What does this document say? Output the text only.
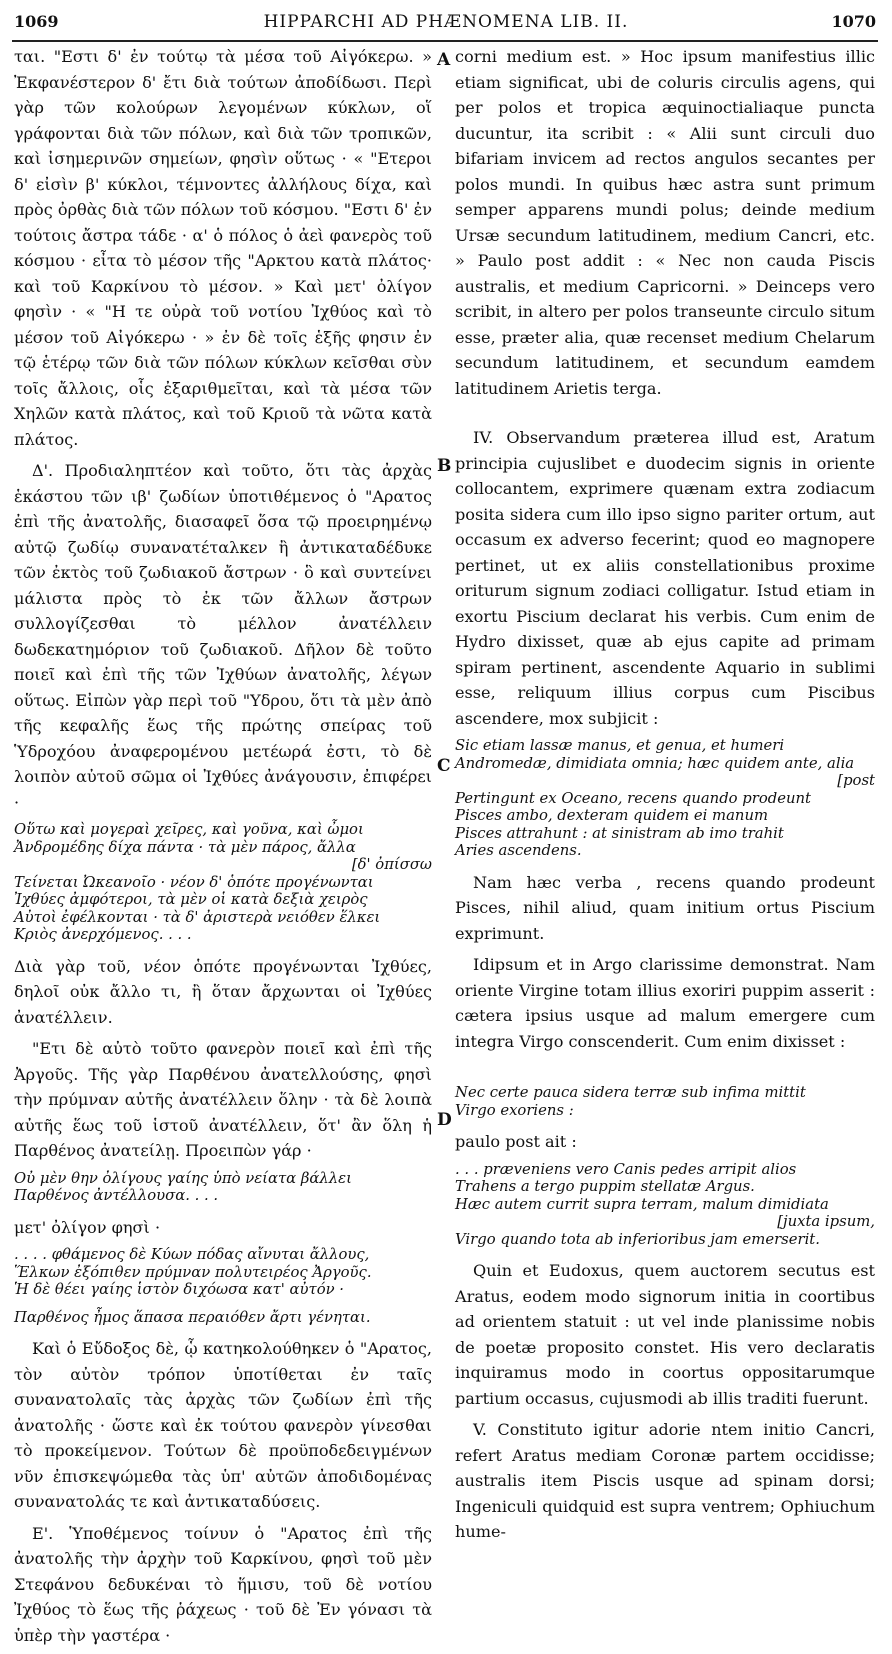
1069	HIPPARCHI AD PHÆNOMENA LIB. II.	1070
A
B
C
D

ται. "Εστι δ' ἐν τούτῳ τὰ μέσα τοῦ Αἰγόκερω. » Ἐκφανέστερον δ' ἔτι διὰ τούτων ἀποδίδωσι. Περὶ γὰρ τῶν κολούρων λεγομένων κύκλων, οἵ γράφονται διὰ τῶν πόλων, καὶ διὰ τῶν τροπικῶν, καὶ ἰσημερινῶν σημείων, φησὶν οὕτως · « "Ετεροι δ' εἰσὶν β' κύκλοι, τέμνοντες ἀλλήλους δίχα, καὶ πρὸς ὀρθὰς διὰ τῶν πόλων τοῦ κόσμου. "Εστι δ' ἐν τούτοις ἄστρα τάδε · α' ὁ πόλος ὁ ἀεὶ φανερὸς τοῦ κόσμου · εἶτα τὸ μέσον τῆς "Αρκτου κατὰ πλάτος· καὶ τοῦ Καρκίνου τὸ μέσον. » Καὶ μετ' ὀλίγον φησὶν · « "Η τε οὐρὰ τοῦ νοτίου Ἰχθύος καὶ τὸ μέσον τοῦ Αἰγόκερω · » ἐν δὲ τοῖς ἑξῆς φησιν ἐν τῷ ἑτέρῳ τῶν διὰ τῶν πόλων κύκλων κεῖσθαι σὺν τοῖς ἄλλοις, οἷς ἐξαριθμεῖται, καὶ τὰ μέσα τῶν Χηλῶν κατὰ πλάτος, καὶ τοῦ Κριοῦ τὰ νῶτα κατὰ πλάτος.

Δ'. Προδιαληπτέον καὶ τοῦτο, ὅτι τὰς ἀρχὰς ἑκάστου τῶν ιβ' ζωδίων ὑποτιθέμενος ὁ "Αρατος ἐπὶ τῆς ἀνατολῆς, διασαφεῖ ὅσα τῷ προειρημένῳ αὐτῷ ζωδίῳ συνανατέταλκεν ἢ ἀντικαταδέδυκε τῶν ἐκτὸς τοῦ ζωδιακοῦ ἄστρων · ὃ καὶ συντείνει μάλιστα πρὸς τὸ ἐκ τῶν ἄλλων ἄστρων συλλογίζεσθαι τὸ μέλλον ἀνατέλλειν δωδεκατημόριον τοῦ ζωδιακοῦ. Δῆλον δὲ τοῦτο ποιεῖ καὶ ἐπὶ τῆς τῶν Ἰχθύων ἀνατολῆς, λέγων οὕτως. Εἰπὼν γὰρ περὶ τοῦ "Υδρου, ὅτι τὰ μὲν ἀπὸ τῆς κεφαλῆς ἕως τῆς πρώτης σπείρας τοῦ Ὑδροχόου ἀναφερομένου μετέωρά ἐστι, τὸ δὲ λοιπὸν αὐτοῦ σῶμα οἱ Ἰχθύες ἀνάγουσιν, ἐπιφέρει ·

Οὕτω καὶ μογεραὶ χεῖρες, καὶ γοῦνα, καὶ ὦμοι
Ἀνδρομέδης δίχα πάντα · τὰ μὲν πάρος, ἄλλα
[δ' ὀπίσσω
Τείνεται Ὠκεανοῖο · νέον δ' ὁπότε προγένωνται
Ἰχθύες ἀμφότεροι, τὰ μὲν οἱ κατὰ δεξιὰ χειρὸς
Αὐτοὶ ἐφέλκονται · τὰ δ' ἀριστερὰ νειόθεν ἕλκει
Κριὸς ἀνερχόμενος. . . .

Διὰ γὰρ τοῦ, νέον ὁπότε προγένωνται Ἰχθύες, δηλοῖ οὐκ ἄλλο τι, ἢ ὅταν ἄρχωνται οἱ Ἰχθύες ἀνατέλλειν.

"Ετι δὲ αὐτὸ τοῦτο φανερὸν ποιεῖ καὶ ἐπὶ τῆς Ἀργοῦς. Τῆς γὰρ Παρθένου ἀνατελλούσης, φησὶ τὴν πρύμναν αὐτῆς ἀνατέλλειν ὅλην · τὰ δὲ λοιπὰ αὐτῆς ἕως τοῦ ἱστοῦ ἀνατέλλειν, ὅτ' ἂν ὅλη ἡ Παρθένος ἀνατείλῃ. Προειπὼν γάρ ·

Οὐ μὲν θην ὀλίγους γαίης ὑπὸ νείατα βάλλει
Παρθένος ἀντέλλουσα. . . .

μετ' ὀλίγον φησὶ ·

. . . . φθάμενος δὲ Κύων πόδας αἴνυται ἄλλους,
Ἕλκων ἐξόπιθεν πρύμναν πολυτειρέος Ἀργοῦς.
Ἡ δὲ θέει γαίης ἱστὸν διχόωσα κατ' αὐτόν ·
Παρθένος ἦμος ἅπασα περαιόθεν ἄρτι γένηται.

Καὶ ὁ Εὔδοξος δὲ, ᾧ κατηκολούθηκεν ὁ "Αρατος, τὸν αὐτὸν τρόπον ὑποτίθεται ἐν ταῖς συνανατολαῖς τὰς ἀρχὰς τῶν ζωδίων ἐπὶ τῆς ἀνατολῆς · ὥστε καὶ ἐκ τούτου φανερὸν γίνεσθαι τὸ προκείμενον. Τούτων δὲ προϋποδεδειγμένων νῦν ἐπισκεψώμεθα τὰς ὑπ' αὐτῶν ἀποδιδομένας συνανατολάς τε καὶ ἀντικαταδύσεις.

Ε'. Ὑποθέμενος τοίνυν ὁ "Αρατος ἐπὶ τῆς ἀνατολῆς τὴν ἀρχὴν τοῦ Καρκίνου, φησὶ τοῦ μὲν Στεφάνου δεδυκέναι τὸ ἥμισυ, τοῦ δὲ νοτίου Ἰχθύος τὸ ἕως τῆς ῥάχεως · τοῦ δὲ Ἐν γόνασι τὰ ὑπὲρ τὴν γαστέρα ·

corni medium est. » Hoc ipsum manifestius illic etiam significat, ubi de coluris circulis agens, qui per polos et tropica æquinoctialiaque puncta ducuntur, ita scribit : « Alii sunt circuli duo bifariam invicem ad rectos angulos secantes per polos mundi. In quibus hæc astra sunt primum semper apparens mundi polus; deinde medium Ursæ secundum latitudinem, medium Cancri, etc. » Paulo post addit : « Nec non cauda Piscis australis, et medium Capricorni. » Deinceps vero scribit, in altero per polos transeunte circulo situm esse, præter alia, quæ recenset medium Chelarum secundum latitudinem, et secundum eamdem latitudinem Arietis terga.

IV. Observandum præterea illud est, Aratum principia cujuslibet e duodecim signis in oriente collocantem, exprimere quænam extra zodiacum posita sidera cum illo ipso signo pariter ortum, aut occasum ex adverso fecerint; quod eo magnopere pertinet, ut ex aliis constellationibus proxime oriturum signum zodiaci colligatur. Istud etiam in exortu Piscium declarat his verbis. Cum enim de Hydro dixisset, quæ ab ejus capite ad primam spiram pertinent, ascendente Aquario in sublimi esse, reliquum illius corpus cum Piscibus ascendere, mox subjicit :

Sic etiam lassæ manus, et genua, et humeri
Andromedæ, dimidiata omnia; hæc quidem ante, alia
[post
Pertingunt ex Oceano, recens quando prodeunt
Pisces ambo, dexteram quidem ei manum
Pisces attrahunt : at sinistram ab imo trahit
Aries ascendens.

Nam hæc verba , recens quando prodeunt Pisces, nihil aliud, quam initium ortus Piscium exprimunt.

Idipsum et in Argo clarissime demonstrat. Nam oriente Virgine totam illius exoriri puppim asserit : cætera ipsius usque ad malum emergere cum integra Virgo conscenderit. Cum enim dixisset :

Nec certe pauca sidera terræ sub infima mittit
Virgo exoriens :

paulo post ait :

. . . præveniens vero Canis pedes arripit alios
Trahens a tergo puppim stellatæ Argus.
Hæc autem currit supra terram, malum dimidiata
[juxta ipsum,
Virgo quando tota ab inferioribus jam emerserit.

Quin et Eudoxus, quem auctorem secutus est Aratus, eodem modo signorum initia in coortibus ad orientem statuit : ut vel inde planissime nobis de poetæ proposito constet. His vero declaratis inquiramus modo in coortus oppositarumque partium occasus, cujusmodi ab illis traditi fuerunt.

V. Constituto igitur adorie ntem initio Cancri, refert Aratus mediam Coronæ partem occidisse; australis item Piscis usque ad spinam dorsi; Ingeniculi quidquid est supra ventrem; Ophiuchum hume-
